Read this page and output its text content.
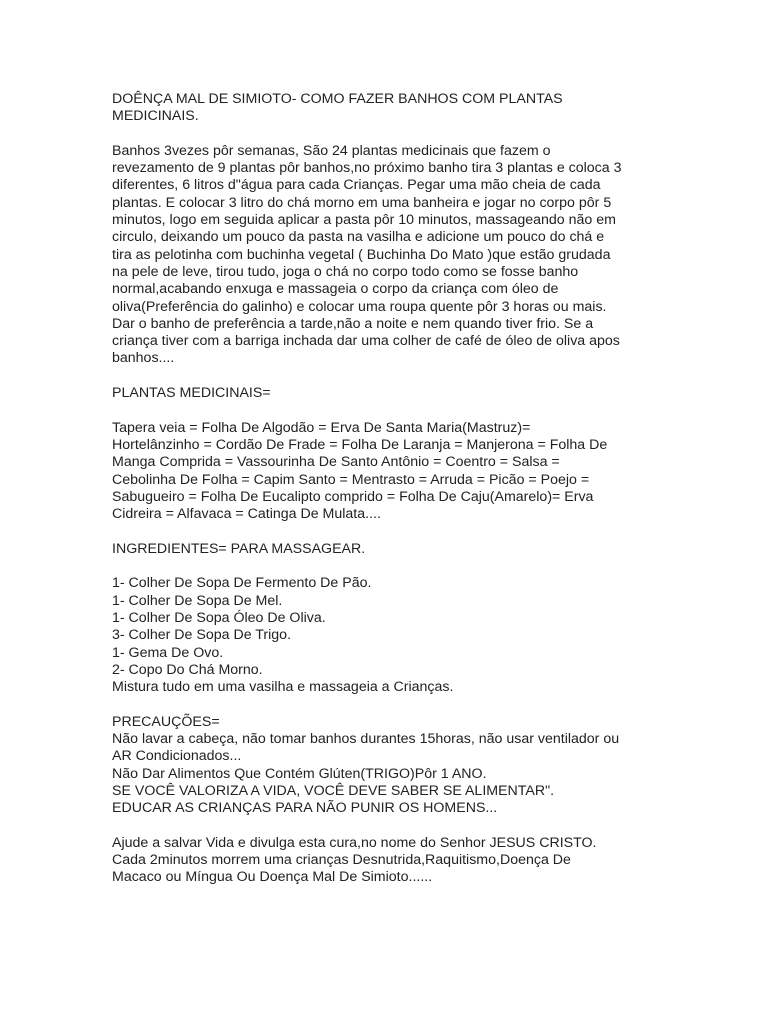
DOÊNÇA MAL DE SIMIOTO- COMO FAZER BANHOS COM PLANTAS
MEDICINAIS.
Banhos 3vezes pôr semanas, São 24 plantas medicinais que fazem o
revezamento de 9 plantas pôr banhos,no próximo banho tira 3 plantas e coloca 3
diferentes, 6 litros d"água para cada Crianças. Pegar uma mão cheia de cada
plantas. E colocar 3 litro do chá morno em uma banheira e jogar no corpo pôr 5
minutos, logo em seguida aplicar a pasta pôr 10 minutos, massageando não em
circulo, deixando um pouco da pasta na vasilha e adicione um pouco do chá e
tira as pelotinha com buchinha vegetal ( Buchinha Do Mato )que estão grudada
na pele de leve, tirou tudo, joga o chá no corpo todo como se fosse banho
normal,acabando enxuga e massageia o corpo da criança com óleo de
oliva(Preferência do galinho) e colocar uma roupa quente pôr 3 horas ou mais.
Dar o banho de preferência a tarde,não a noite e nem quando tiver frio. Se a
criança tiver com a barriga inchada dar uma colher de café de óleo de oliva apos
banhos....
PLANTAS MEDICINAIS=
Tapera veia = Folha De Algodão = Erva De Santa Maria(Mastruz)=
Hortelânzinho = Cordão De Frade = Folha De Laranja = Manjerona = Folha De
Manga Comprida = Vassourinha De Santo Antônio = Coentro = Salsa =
Cebolinha De Folha = Capim Santo = Mentrasto = Arruda = Picão = Poejo =
Sabugueiro = Folha De Eucalipto comprido = Folha De Caju(Amarelo)= Erva
Cidreira = Alfavaca = Catinga De Mulata....
INGREDIENTES= PARA MASSAGEAR.
1- Colher De Sopa De Fermento De Pão.
1- Colher De Sopa De Mel.
1- Colher De Sopa Óleo De Oliva.
3- Colher De Sopa De Trigo.
1- Gema De Ovo.
2- Copo Do Chá Morno.
Mistura tudo em uma vasilha e massageia a Crianças.
PRECAUÇÕES=
Não lavar a cabeça, não tomar banhos durantes 15horas, não usar ventilador ou
AR Condicionados...
Não Dar Alimentos Que Contém Glúten(TRIGO)Pôr 1 ANO.
SE VOCÊ VALORIZA A VIDA, VOCÊ DEVE SABER SE ALIMENTAR".
EDUCAR AS CRIANÇAS PARA NÃO PUNIR OS HOMENS...
Ajude a salvar Vida e divulga esta cura,no nome do Senhor JESUS CRISTO.
Cada 2minutos morrem uma crianças Desnutrida,Raquitismo,Doença De
Macaco ou Míngua Ou Doença Mal De Simioto......
